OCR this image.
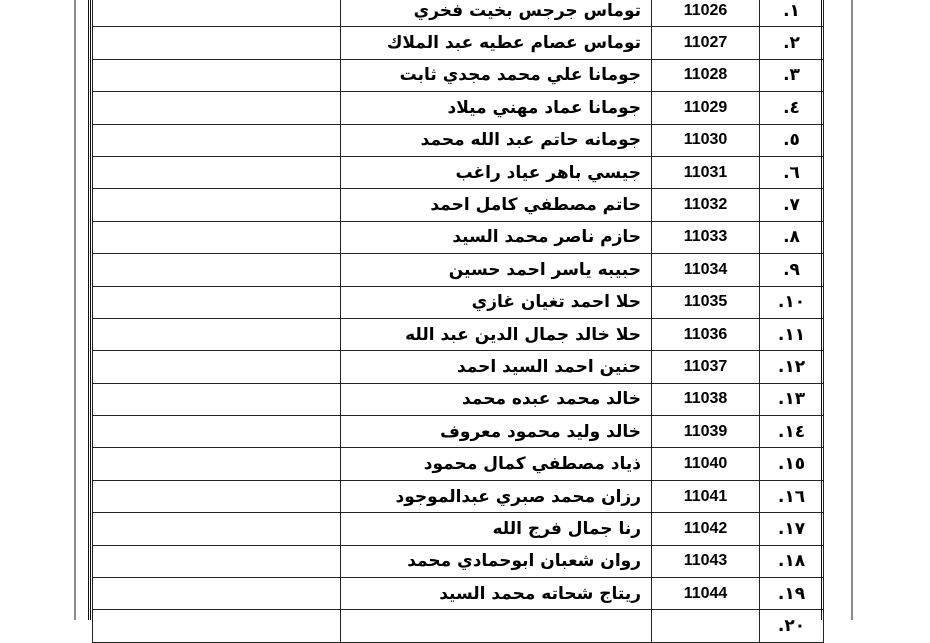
١.	11026	توماس جرجس بخيت فخري	
٢.	11027	توماس عصام عطيه عبد الملاك	
٣.	11028	جومانا علي محمد مجدي ثابت	
٤.	11029	جومانا عماد مهني ميلاد	
٥.	11030	جومانه حاتم عبد الله محمد	
٦.	11031	جيسي باهر عياد راغب	
٧.	11032	حاتم مصطفي كامل احمد	
٨.	11033	حازم ناصر محمد السيد	
٩.	11034	حبيبه ياسر احمد حسين	
١٠.	11035	حلا احمد تغيان غازي	
١١.	11036	حلا خالد جمال الدين عبد الله	
١٢.	11037	حنين احمد السيد احمد	
١٣.	11038	خالد محمد عبده محمد	
١٤.	11039	خالد وليد محمود معروف	
١٥.	11040	ذياد مصطفي كمال محمود	
١٦.	11041	رزان محمد صبري عبدالموجود	
١٧.	11042	رنا جمال فرج الله	
١٨.	11043	روان شعبان ابوحمادي محمد	
١٩.	11044	ريتاج شحاته محمد السيد	
٢٠.			
